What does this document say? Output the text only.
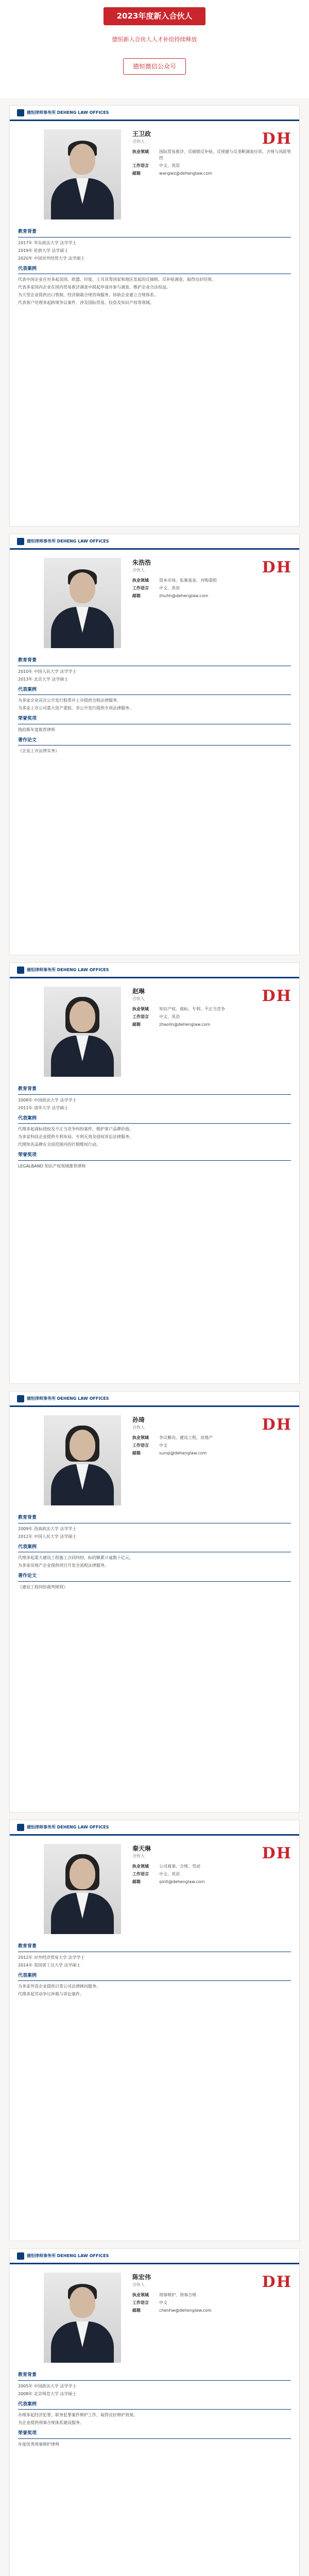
2023年度新入合伙人
德恒新入合伙人人才补给持续释放
德恒微信公众号
德恒律师事务所 DEHENG LAW OFFICES
DH
王卫政
合伙人
执业领域	国际贸易救济、反倾销反补贴、反规避与反垄断调查应诉、合规与风险管控
工作语言	中文、英语
邮箱	wangwz@dehenglaw.com
教育背景

2017年 华东政法大学 法学学士

2019年 伦敦大学 法学硕士

2020年 中国对外经贸大学 法学硕士

代表案例

代表中国企业应对多起美国、欧盟、印度、土耳其等国家和地区发起的反倾销、反补贴调查，取得良好结果。

代表多家国内企业在国内贸易救济调查中提起申请并参与调查，维护企业合法权益。

为大型企业提供出口管制、经济制裁合规咨询服务，协助企业建立合规体系。

代表客户处理多起跨境争议案件，涉及国际贸易、投资及知识产权等领域。

德恒律师事务所 DEHENG LAW OFFICES
DH
朱浩浩
合伙人
执业领域	资本市场、私募基金、并购重组
工作语言	中文、英语
邮箱	zhuhh@dehenglaw.com
教育背景

2010年 中国人民大学 法学学士

2013年 北京大学 法学硕士

代表案例

为多家企业首次公开发行股票并上市提供全程法律服务。

为多家上市公司重大资产重组、非公开发行提供专项法律服务。

荣誉奖项

钱伯斯年度推荐律师

著作论文

《企业上市法律实务》

德恒律师事务所 DEHENG LAW OFFICES
DH
赵琳
合伙人
执业领域	知识产权、商标、专利、不正当竞争
工作语言	中文、英语
邮箱	zhaolin@dehenglaw.com
教育背景

2008年 中国政法大学 法学学士

2011年 清华大学 法学硕士

代表案例

代理多起商标侵权及不正当竞争纠纷案件，维护客户品牌价值。

为多家科技企业提供专利布局、专利无效及侵权诉讼法律服务。

代理知名品牌在全国范围内的打假维权行动。

荣誉奖项

LEGALBAND 知识产权领域推荐律师

德恒律师事务所 DEHENG LAW OFFICES
DH
孙琦
合伙人
执业领域	争议解决、建设工程、房地产
工作语言	中文
邮箱	sunqi@dehenglaw.com
教育背景

2009年 西南政法大学 法学学士

2012年 中国人民大学 法学硕士

代表案例

代理多起重大建设工程施工合同纠纷，标的额累计逾数十亿元。

为多家房地产企业提供项目开发全流程法律服务。

著作论文

《建设工程纠纷裁判规则》

德恒律师事务所 DEHENG LAW OFFICES
DH
秦天琳
合伙人
执业领域	公司商事、合规、劳动
工作语言	中文、英语
邮箱	qintl@dehenglaw.com
教育背景

2012年 对外经济贸易大学 法学学士

2014年 英国诺丁汉大学 法学硕士

代表案例

为多家外资企业提供日常公司法律顾问服务。

代理多起劳动争议仲裁与诉讼案件。

德恒律师事务所 DEHENG LAW OFFICES
DH
陈宏伟
合伙人
执业领域	刑事辩护、刑事合规
工作语言	中文
邮箱	chenhw@dehenglaw.com
教育背景

2005年 中国政法大学 法学学士

2008年 北京师范大学 法学硕士

代表案例

办理多起经济犯罪、职务犯罪案件辩护工作，取得良好辩护效果。

为企业提供刑事合规体系建设服务。

荣誉奖项

年度优秀刑事辩护律师
